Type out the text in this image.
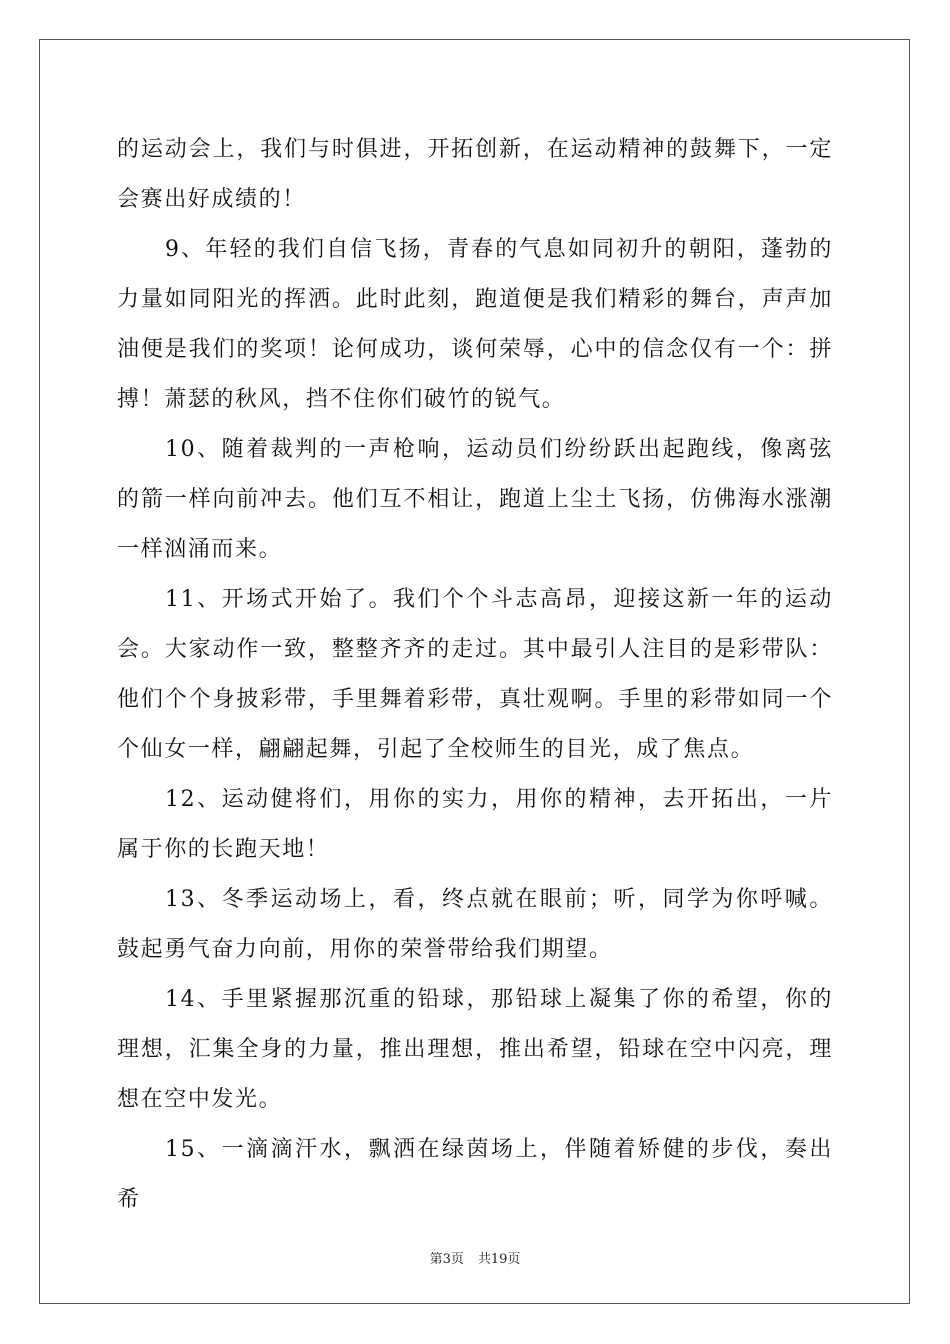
的运动会上，我们与时俱进，开拓创新，在运动精神的鼓舞下，一定会赛出好成绩的！

9、年轻的我们自信飞扬，青春的气息如同初升的朝阳，蓬勃的力量如同阳光的挥洒。此时此刻，跑道便是我们精彩的舞台，声声加油便是我们的奖项！论何成功，谈何荣辱，心中的信念仅有一个：拼搏！萧瑟的秋风，挡不住你们破竹的锐气。

10、随着裁判的一声枪响，运动员们纷纷跃出起跑线，像离弦的箭一样向前冲去。他们互不相让，跑道上尘土飞扬，仿佛海水涨潮一样汹涌而来。

11、开场式开始了。我们个个斗志高昂，迎接这新一年的运动会。大家动作一致，整整齐齐的走过。其中最引人注目的是彩带队：他们个个身披彩带，手里舞着彩带，真壮观啊。手里的彩带如同一个个仙女一样，翩翩起舞，引起了全校师生的目光，成了焦点。

12、运动健将们，用你的实力，用你的精神，去开拓出，一片属于你的长跑天地！

13、冬季运动场上，看，终点就在眼前；听，同学为你呼喊。鼓起勇气奋力向前，用你的荣誉带给我们期望。

14、手里紧握那沉重的铅球，那铅球上凝集了你的希望，你的理想，汇集全身的力量，推出理想，推出希望，铅球在空中闪亮，理想在空中发光。

15、一滴滴汗水，飘洒在绿茵场上，伴随着矫健的步伐，奏出希

第3页 共19页
